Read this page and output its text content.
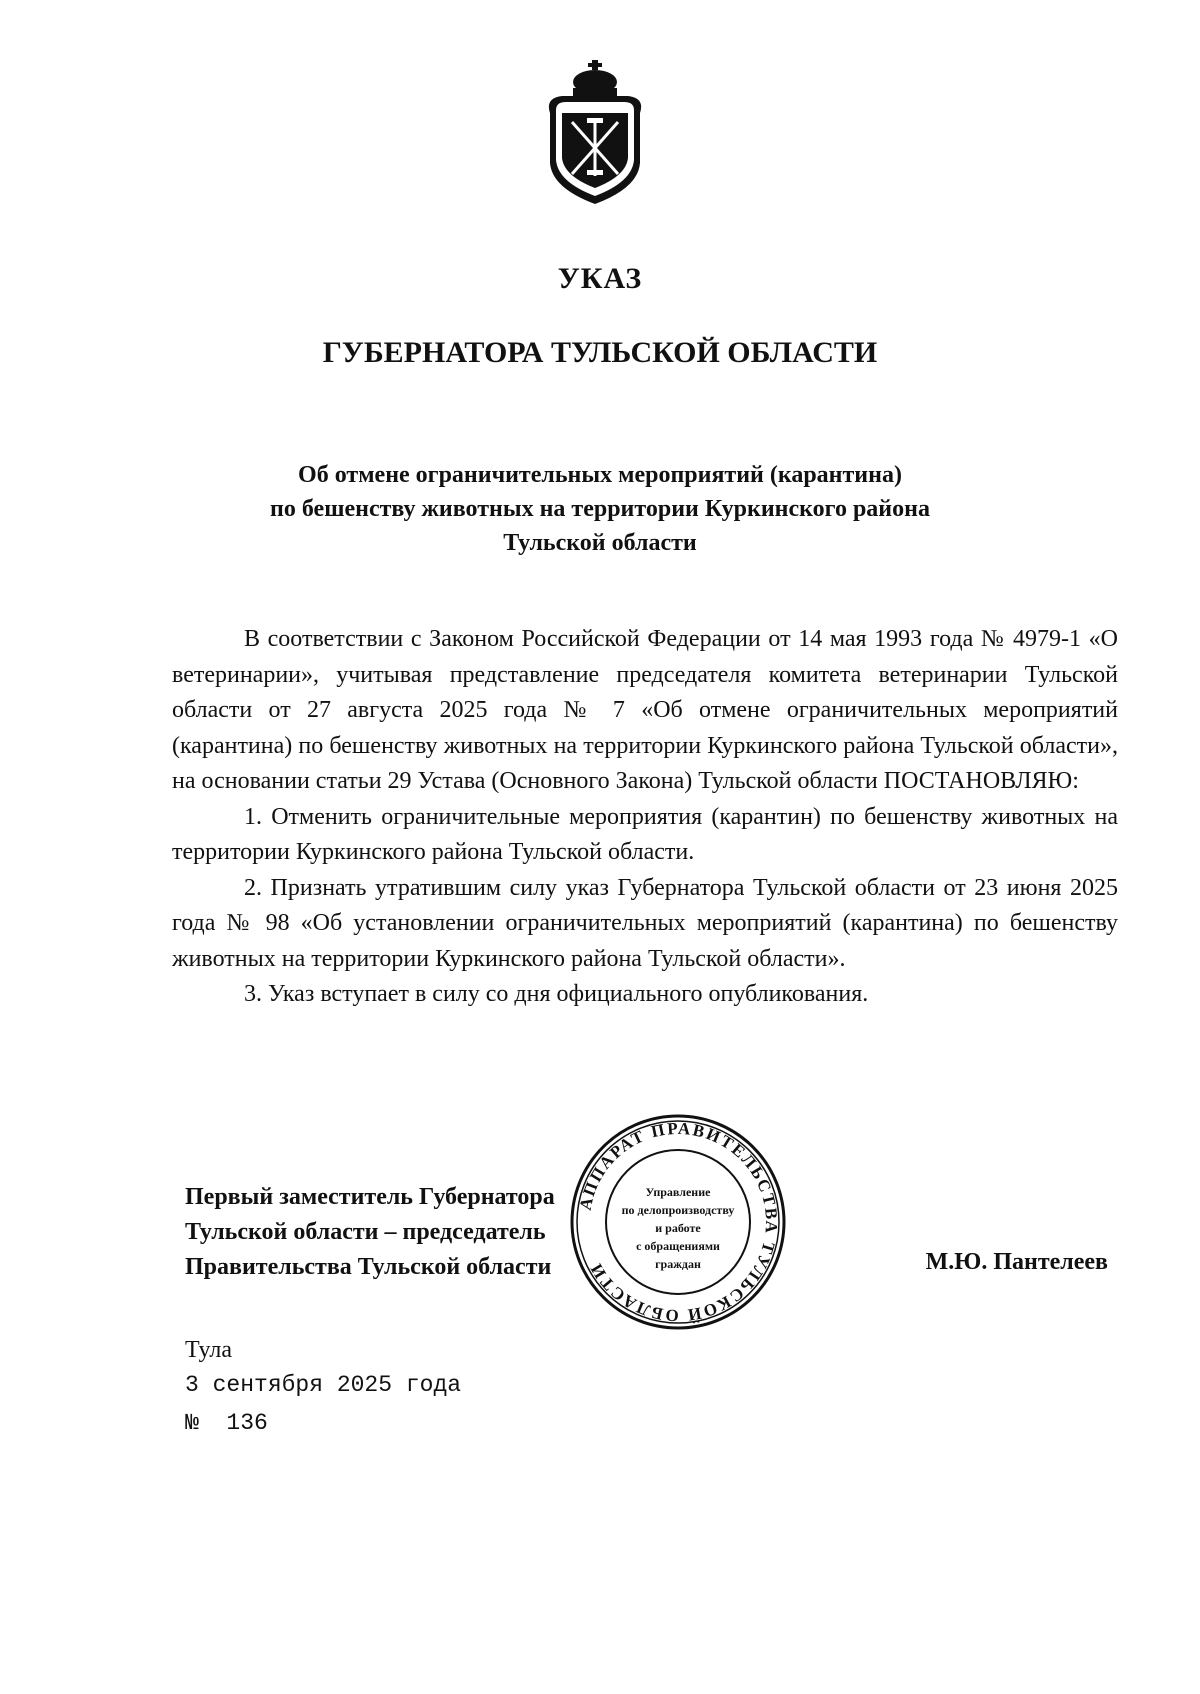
УКАЗ
ГУБЕРНАТОРА ТУЛЬСКОЙ ОБЛАСТИ
Об отмене ограничительных мероприятий (карантина)
по бешенству животных на территории Куркинского района
Тульской области

В соответствии с Законом Российской Федерации от 14 мая 1993 года № 4979-1 «О ветеринарии», учитывая представление председателя комитета ветеринарии Тульской области от 27 августа 2025 года № 7 «Об отмене ограничительных мероприятий (карантина) по бешенству животных на территории Куркинского района Тульской области», на основании статьи 29 Устава (Основного Закона) Тульской области ПОСТАНОВЛЯЮ:

1. Отменить ограничительные мероприятия (карантин) по бешенству животных на территории Куркинского района Тульской области.

2. Признать утратившим силу указ Губернатора Тульской области от 23 июня 2025 года № 98 «Об установлении ограничительных мероприятий (карантина) по бешенству животных на территории Куркинского района Тульской области».

3. Указ вступает в силу со дня официального опубликования.

Первый заместитель Губернатора
Тульской области – председатель
Правительства Тульской области
АППАРАТ ПРАВИТЕЛЬСТВА ТУЛЬСКОЙ ОБЛАСТИ
Управление
по делопроизводству
и работе
с обращениями
граждан	М.Ю. Пантелеев
Тула
3 сентября 2025 года
№  136
